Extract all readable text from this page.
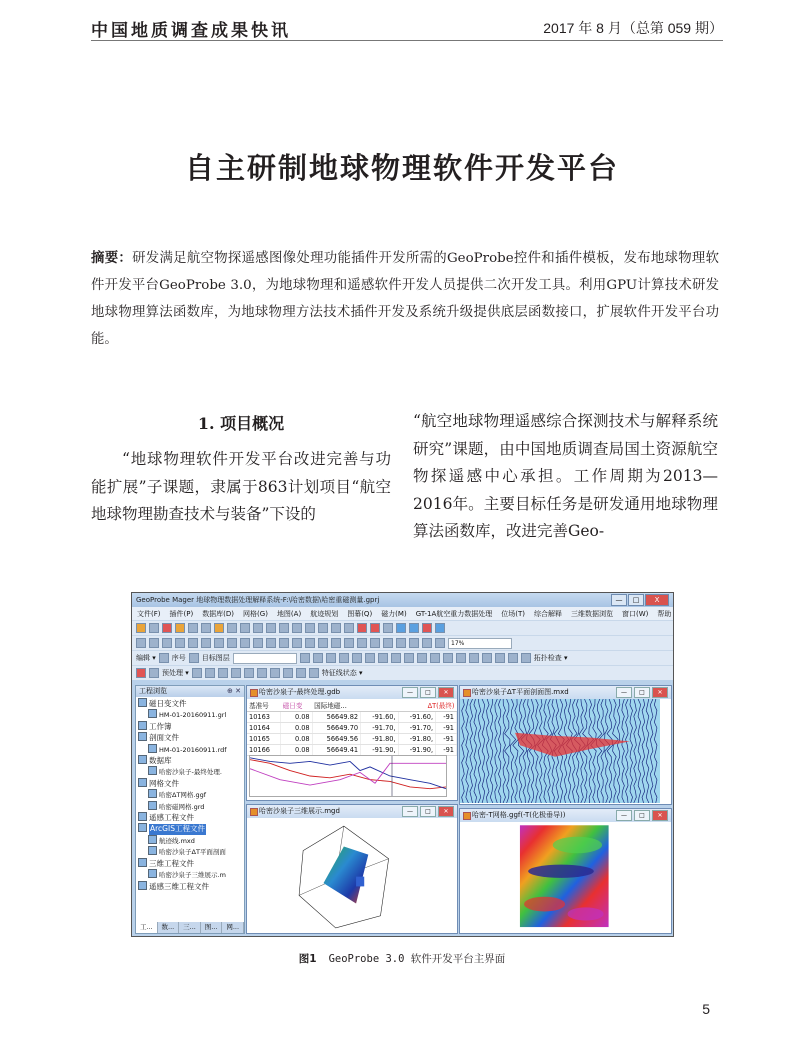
中国地质调查成果快讯	2017 年 8 月（总第 059 期）
自主研制地球物理软件开发平台
摘要：研发满足航空物探遥感图像处理功能插件开发所需的GeoProbe控件和插件模板，发布地球物理软件开发平台GeoProbe 3.0，为地球物理和遥感软件开发人员提供二次开发工具。利用GPU计算技术研发地球物理算法函数库，为地球物理方法技术插件开发及系统升级提供底层函数接口，扩展软件开发平台功能。
1. 项目概况
“地球物理软件开发平台改进完善与功能扩展”子课题，隶属于863计划项目“航空地球物理勘查技术与装备”下设的
“航空地球物理遥感综合探测技术与解释系统研究”课题，由中国地质调查局国土资源航空物探遥感中心承担。工作周期为2013—2016年。主要目标任务是研发通用地球物理算法函数库，改进完善Geo-
GeoProbe Mager 地球物理数据处理解释系统-F:\哈密数据\哈密重磁测量.gprj	—	□	X
文件(F) 插件(P) 数据库(D) 网格(G) 地图(A) 航迹规划 图幕(Q) 磁力(M) GT-1A航空重力数据处理 位场(T) 综合解释 三维数据浏览 窗口(W) 帮助
17%
编辑 ▾ 序号 目标图层	拓扑检查 ▾
预处理 ▾	特征线状态 ▾
工程浏览	⊕ ✕
磁日变文件
HM-01-20160911.grl
工作簿
剖面文件
HM-01-20160911.rdf
数据库
哈密沙泉子-最终处理.
网格文件
哈密ΔT网格.ggf
哈密磁网格.grd
遥感工程文件
ArcGIS工程文件
航迹线.mxd
哈密沙泉子ΔT平面剖面
三维工程文件
哈密沙泉子三维展示.m
遥感三维工程文件
工...	数...	三...	图...	网...
哈密沙泉子-最终处理.gdb	—	□	✕
基准号	磁日变	国际地磁...	ΔT(最终)		
10163	0.08	56649.82	-91.60,	-91.60,	-91
10164	0.08	56649.70	-91.70,	-91.70,	-91
10165	0.08	56649.56	-91.80,	-91.80,	-91
10166	0.08	56649.41	-91.90,	-91.90,	-91
哈密沙泉子ΔT平面剖面图.mxd	—	□	✕
哈密沙泉子三维展示.mgd	—	□	✕	哈密-T网格.ggf(-T(化极垂导))	—	□	✕
图1 GeoProbe 3.0 软件开发平台主界面
5
